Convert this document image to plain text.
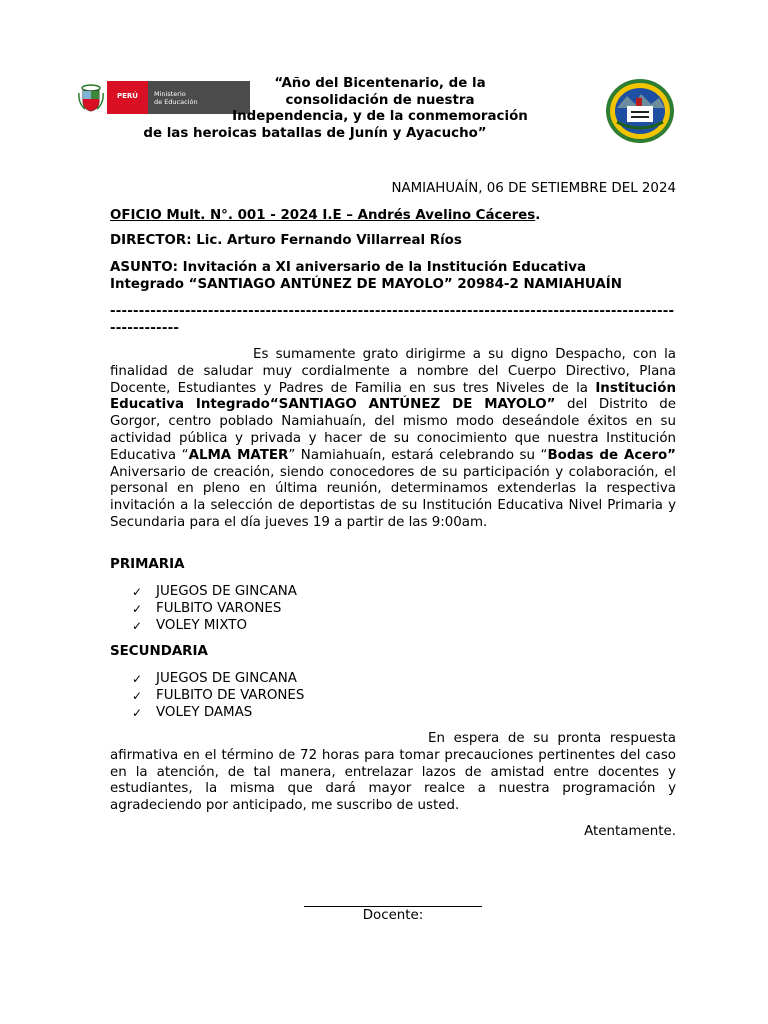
PERÚ	Ministerio
de Educación
“Año del Bicentenario, de la
consolidación de nuestra
Independencia, y de la conmemoración
de las heroicas batallas de Junín y Ayacucho”
NAMIAHUAÍN, 06 DE SETIEMBRE DEL 2024
OFICIO Mult. N°. 001 - 2024 I.E – Andrés Avelino Cáceres.
DIRECTOR: Lic. Arturo Fernando Villarreal Ríos
ASUNTO: Invitación a XI aniversario de la Institución Educativa
Integrado “SANTIAGO ANTÚNEZ DE MAYOLO” 20984-2 NAMIAHUAÍN
--------------------------------------------------------------------------------------------------------------
Es sumamente grato dirigirme a su digno Despacho, con la finalidad de saludar muy cordialmente a nombre del Cuerpo Directivo, Plana Docente, Estudiantes y Padres de Familia en sus tres Niveles de la Institución Educativa Integrado“SANTIAGO ANTÚNEZ DE MAYOLO” del Distrito de Gorgor, centro poblado Namiahuaín, del mismo modo deseándole éxitos en su actividad pública y privada y hacer de su conocimiento que nuestra Institución Educativa “ALMA MATER” Namiahuaín, estará celebrando su “Bodas de Acero” Aniversario de creación, siendo conocedores de su participación y colaboración, el personal en pleno en última reunión, determinamos extenderlas la respectiva invitación a la selección de deportistas de su Institución Educativa Nivel Primaria y Secundaria para el día jueves 19 a partir de las 9:00am.
PRIMARIA
✓	JUEGOS DE GINCANA
✓	FULBITO VARONES
✓	VOLEY MIXTO
SECUNDARIA
✓	JUEGOS DE GINCANA
✓	FULBITO DE VARONES
✓	VOLEY DAMAS
En espera de su pronta respuesta afirmativa en el término de 72 horas para tomar precauciones pertinentes del caso en la atención, de tal manera, entrelazar lazos de amistad entre docentes y estudiantes, la misma que dará mayor realce a nuestra programación y agradeciendo por anticipado, me suscribo de usted.
Atentamente.
Docente:
